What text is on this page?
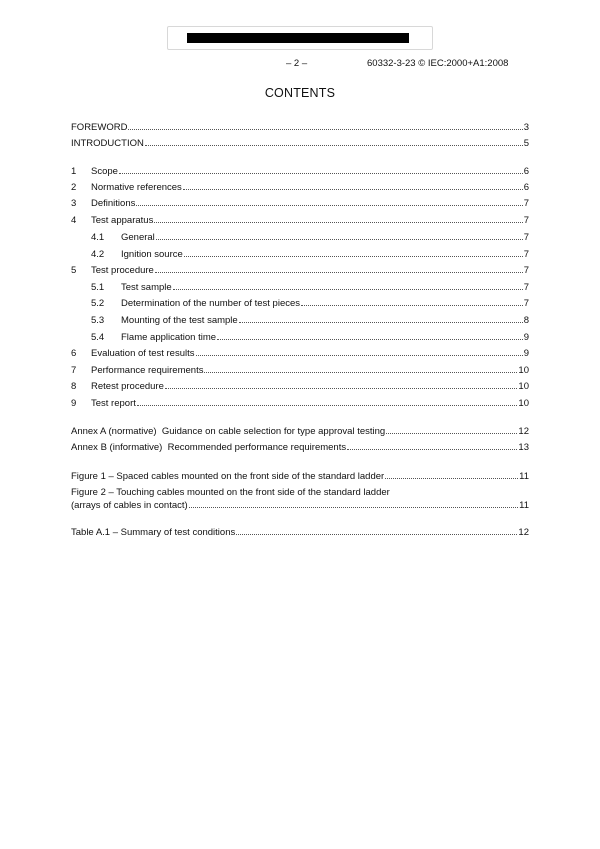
– 2 –	60332-3-23 © IEC:2000+A1:2008
CONTENTS
FOREWORD	3
INTRODUCTION	5
1	Scope	6
2	Normative references	6
3	Definitions	7
4	Test apparatus	7
4.1	General	7
4.2	Ignition source	7
5	Test procedure	7
5.1	Test sample	7
5.2	Determination of the number of test pieces	7
5.3	Mounting of the test sample	8
5.4	Flame application time	9
6	Evaluation of test results	9
7	Performance requirements	10
8	Retest procedure	10
9	Test report	10
Annex A (normative)  Guidance on cable selection for type approval testing	12
Annex B (informative)  Recommended performance requirements	13
Figure 1 – Spaced cables mounted on the front side of the standard ladder	11
Figure 2 – Touching cables mounted on the front side of the standard ladder
(arrays of cables in contact)	11
Table A.1 – Summary of test conditions	12
